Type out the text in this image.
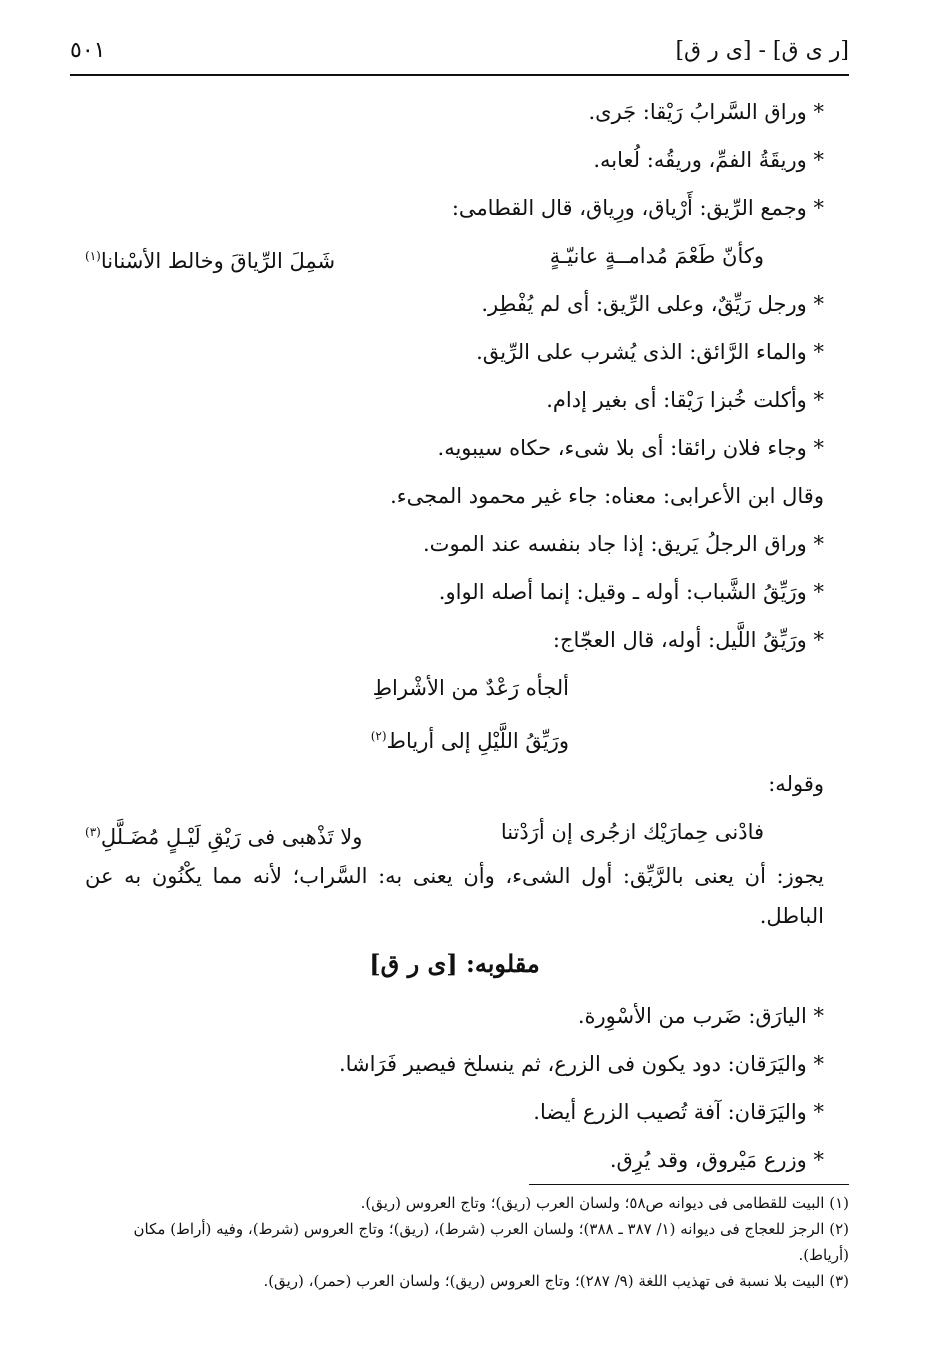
٥٠١	[ر ى ق] - [ى ر ق]
* وراق السَّرابُ رَيْقا: جَرى.
* وريقَةُ الفمِّ، وريقُه: لُعابه.
* وجمع الرِّيق: أَرْياق، ورِياق، قال القطامى:
وكأنّ طَعْمَ مُدامــةٍ عانيّـةٍ
شَمِلَ الرِّياقَ وخالط الأسْنانا$^{(١)}$
* ورجل رَيِّقٌ، وعلى الرِّيق: أى لم يُفْطِر.
* والماء الرَّائق: الذى يُشرب على الرِّيق.
* وأكلت خُبزا رَيْقا: أى بغير إدام.
* وجاء فلان رائقا: أى بلا شىء، حكاه سيبويه.
وقال ابن الأعرابى: معناه: جاء غير محمود المجىء.
* وراق الرجلُ يَريق: إذا جاد بنفسه عند الموت.
* ورَيِّقُ الشَّباب: أوله ـ وقيل: إنما أصله الواو.
* ورَيِّقُ اللَّيل: أوله، قال العجّاج:
ألجأه رَعْدٌ من الأشْراطِ
ورَيِّقُ اللَّيْلِ إلى أرياط$^{(٢)}$
وقوله:
فادْنى حِمارَيْك ازجُرى إن أرَدْتنا
ولا تَذْهبى فى رَيْقِ لَيْـلٍ مُضَـلَّلِ$^{(٣)}$
يجوز: أن يعنى بالرَّيِّق: أول الشىء، وأن يعنى به: السَّراب؛ لأنه مما يكْنُون به عن الباطل.
مقلوبه: [ى ر ق]
* اليارَق: ضَرب من الأسْوِرة.
* واليَرَقان: دود يكون فى الزرع، ثم ينسلخ فيصير فَرَاشا.
* واليَرَقان: آفة تُصيب الزرع أيضا.
* وزرع مَيْروق، وقد يُرِق.
(١) البيت للقطامى فى ديوانه ص٥٨؛ ولسان العرب (ريق)؛ وتاج العروس (ريق).
(٢) الرجز للعجاج فى ديوانه (١/ ٣٨٧ ـ ٣٨٨)؛ ولسان العرب (شرط)، (ريق)؛ وتاج العروس (شرط)، وفيه (أراط) مكان (أرياط).
(٣) البيت بلا نسبة فى تهذيب اللغة (٩/ ٢٨٧)؛ وتاج العروس (ريق)؛ ولسان العرب (حمر)، (ريق).
